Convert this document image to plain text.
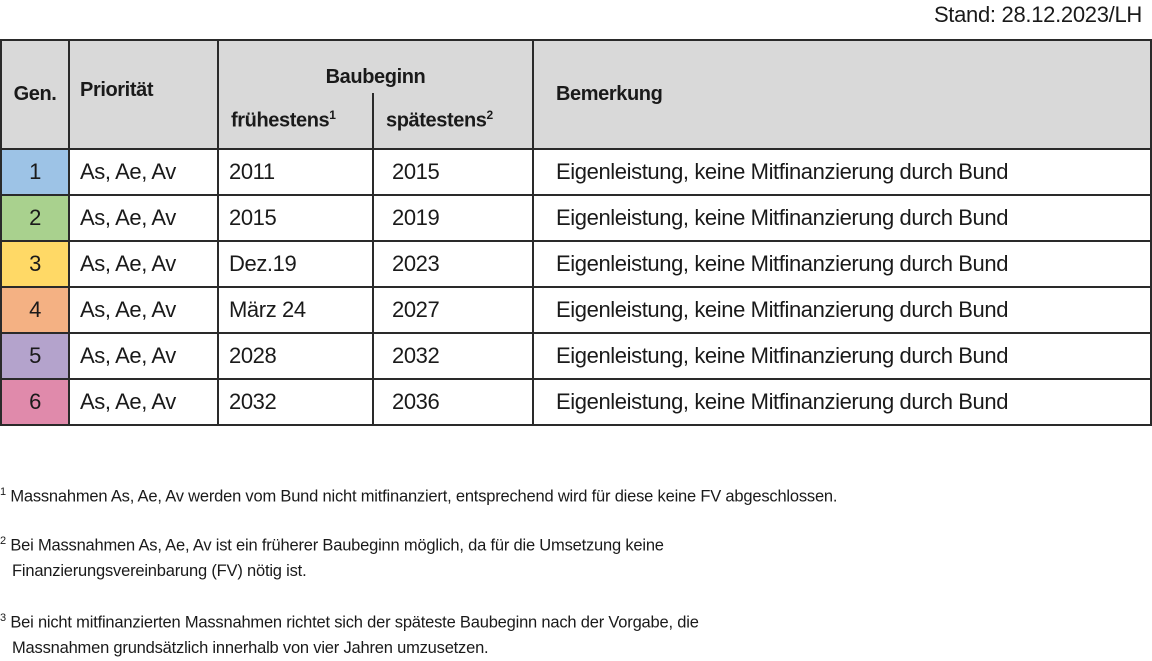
Stand: 28.12.2023/LH
Gen.	Priorität	Baubeginn		Bemerkung
		frühestens$^1$	spätestens$^2$
1	As, Ae, Av	2011	2015	Eigenleistung, keine Mitfinanzierung durch Bund
2	As, Ae, Av	2015	2019	Eigenleistung, keine Mitfinanzierung durch Bund
3	As, Ae, Av	Dez.19	2023	Eigenleistung, keine Mitfinanzierung durch Bund
4	As, Ae, Av	März 24	2027	Eigenleistung, keine Mitfinanzierung durch Bund
5	As, Ae, Av	2028	2032	Eigenleistung, keine Mitfinanzierung durch Bund
6	As, Ae, Av	2032	2036	Eigenleistung, keine Mitfinanzierung durch Bund
$^1$ Massnahmen As, Ae, Av werden vom Bund nicht mitfinanziert, entsprechend wird für diese keine FV abgeschlossen.
$^2$ Bei Massnahmen As, Ae, Av ist ein früherer Baubeginn möglich, da für die Umsetzung keine
Finanzierungsvereinbarung (FV) nötig ist.
$^3$ Bei nicht mitfinanzierten Massnahmen richtet sich der späteste Baubeginn nach der Vorgabe, die
Massnahmen grundsätzlich innerhalb von vier Jahren umzusetzen.
